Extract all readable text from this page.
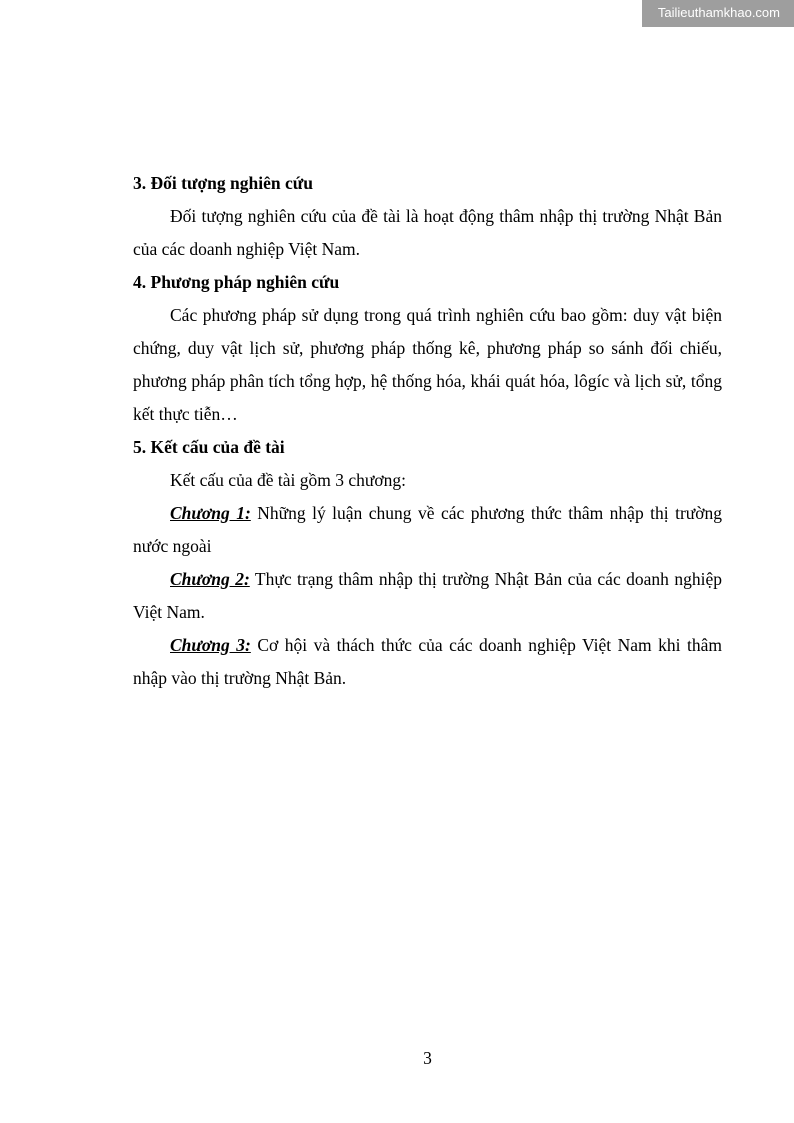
Tailieuthamkhao.com

3. Đối tượng nghiên cứu

Đối tượng nghiên cứu của đề tài là hoạt động thâm nhập thị trường Nhật Bản của các doanh nghiệp Việt Nam.

4. Phương pháp nghiên cứu

Các phương pháp sử dụng trong quá trình nghiên cứu bao gồm: duy vật biện chứng, duy vật lịch sử, phương pháp thống kê, phương pháp so sánh đối chiếu, phương pháp phân tích tổng hợp, hệ thống hóa, khái quát hóa, lôgíc và lịch sử, tổng kết thực tiễn…

5. Kết cấu của đề tài

Kết cấu của đề tài gồm 3 chương:

Chương 1: Những lý luận chung về các phương thức thâm nhập thị trường nước ngoài

Chương 2: Thực trạng thâm nhập thị trường Nhật Bản của các doanh nghiệp Việt Nam.

Chương 3: Cơ hội và thách thức của các doanh nghiệp Việt Nam khi thâm nhập vào thị trường Nhật Bản.

3
